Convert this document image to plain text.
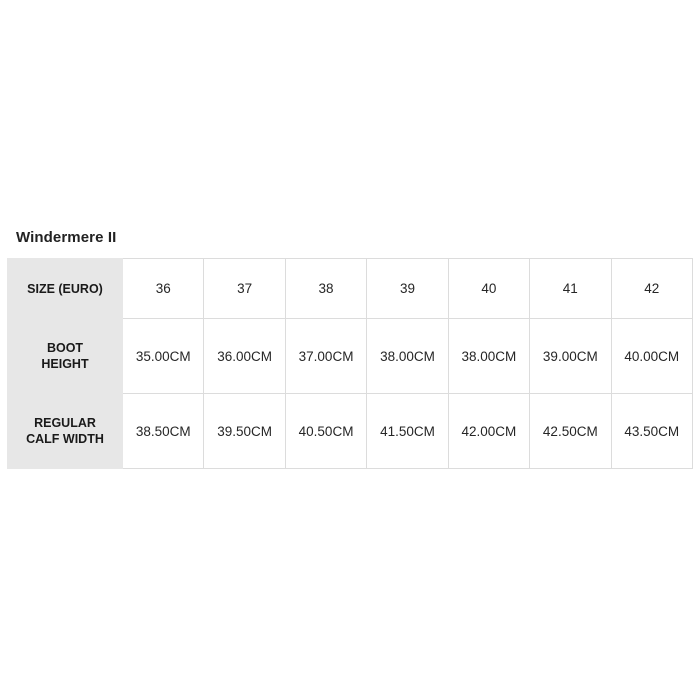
Windermere II
SIZE (EURO)	36	37	38	39	40	41	42

BOOT
HEIGHT	35.00CM	36.00CM	37.00CM	38.00CM	38.00CM	39.00CM	40.00CM

REGULAR
CALF WIDTH	38.50CM	39.50CM	40.50CM	41.50CM	42.00CM	42.50CM	43.50CM
